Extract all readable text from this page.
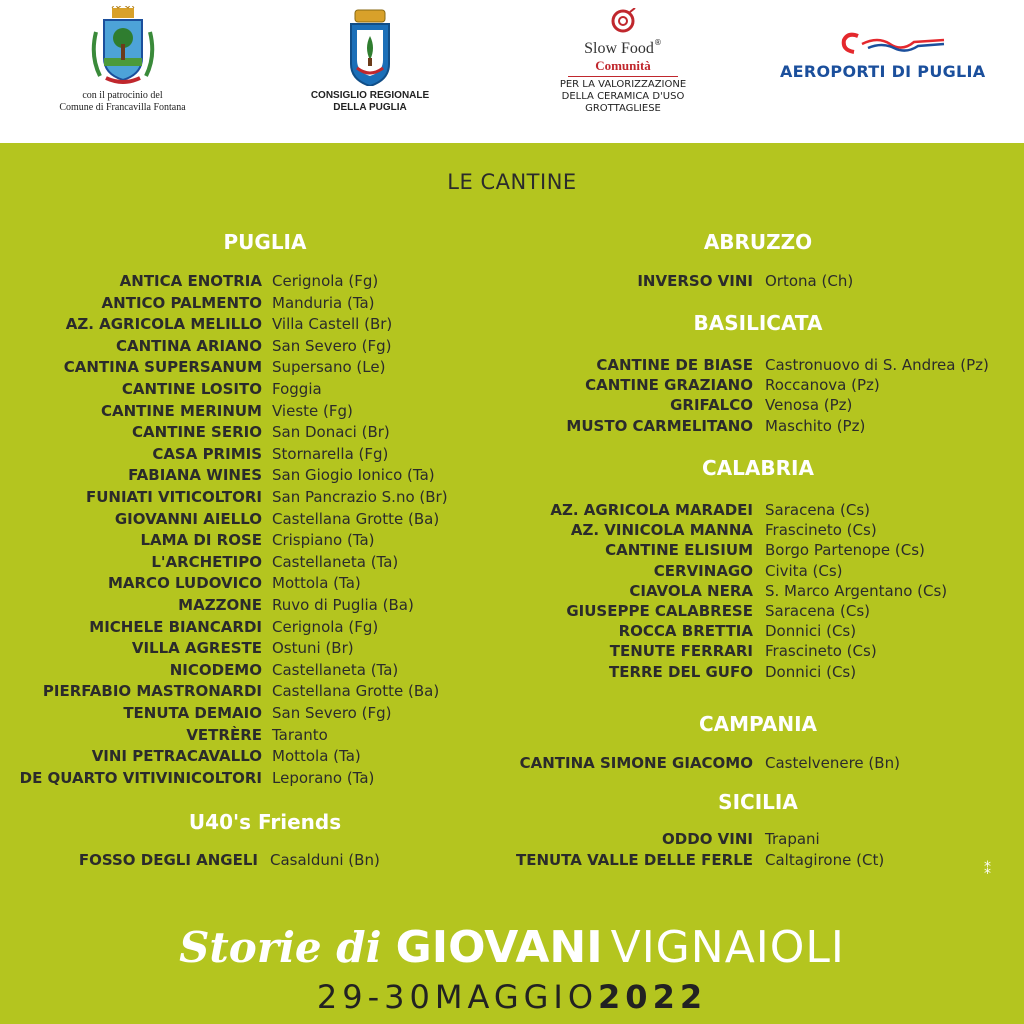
con il patrocinio del
Comune di Francavilla Fontana
CONSIGLIO REGIONALE
DELLA PUGLIA
Slow Food®
Comunità
PER LA VALORIZZAZIONE
DELLA CERAMICA D'USO
GROTTAGLIESE
AEROPORTI DI PUGLIA
LE CANTINE
PUGLIA
U40's Friends
ABRUZZO
BASILICATA
CALABRIA
CAMPANIA
SICILIA
ANTICA ENOTRIA Cerignola (Fg)
ANTICO PALMENTO Manduria (Ta)
AZ. AGRICOLA MELILLO Villa Castell (Br)
CANTINA ARIANO San Severo (Fg)
CANTINA SUPERSANUM Supersano (Le)
CANTINE LOSITO Foggia
CANTINE MERINUM Vieste (Fg)
CANTINE SERIO San Donaci (Br)
CASA PRIMIS Stornarella (Fg)
FABIANA WINES San Giogio Ionico (Ta)
FUNIATI VITICOLTORI San Pancrazio S.no (Br)
GIOVANNI AIELLO Castellana Grotte (Ba)
LAMA DI ROSE Crispiano (Ta)
L'ARCHETIPO Castellaneta (Ta)
MARCO LUDOVICO Mottola (Ta)
MAZZONE Ruvo di Puglia (Ba)
MICHELE BIANCARDI Cerignola (Fg)
VILLA AGRESTE Ostuni (Br)
NICODEMO Castellaneta (Ta)
PIERFABIO MASTRONARDI Castellana Grotte (Ba)
TENUTA DEMAIO San Severo (Fg)
VETRÈRE Taranto
VINI PETRACAVALLO Mottola (Ta)
DE QUARTO VITIVINICOLTORI Leporano (Ta)
FOSSO DEGLI ANGELI Casalduni (Bn)
INVERSO VINI Ortona (Ch)
CANTINE DE BIASE Castronuovo di S. Andrea (Pz)
CANTINE GRAZIANO Roccanova (Pz)
GRIFALCO Venosa (Pz)
MUSTO CARMELITANO Maschito (Pz)
AZ. AGRICOLA MARADEI Saracena (Cs)
AZ. VINICOLA MANNA Frascineto (Cs)
CANTINE ELISIUM Borgo Partenope (Cs)
CERVINAGO Civita (Cs)
CIAVOLA NERA S. Marco Argentano (Cs)
GIUSEPPE CALABRESE Saracena (Cs)
ROCCA BRETTIA Donnici (Cs)
TENUTE FERRARI Frascineto (Cs)
TERRE DEL GUFO Donnici (Cs)
CANTINA SIMONE GIACOMO Castelvenere (Bn)
ODDO VINI Trapani
TENUTA VALLE DELLE FERLE Caltagirone (Ct)
⁑
Storie di GIOVANI VIGNAIOLI
29-30MAGGIO2022
